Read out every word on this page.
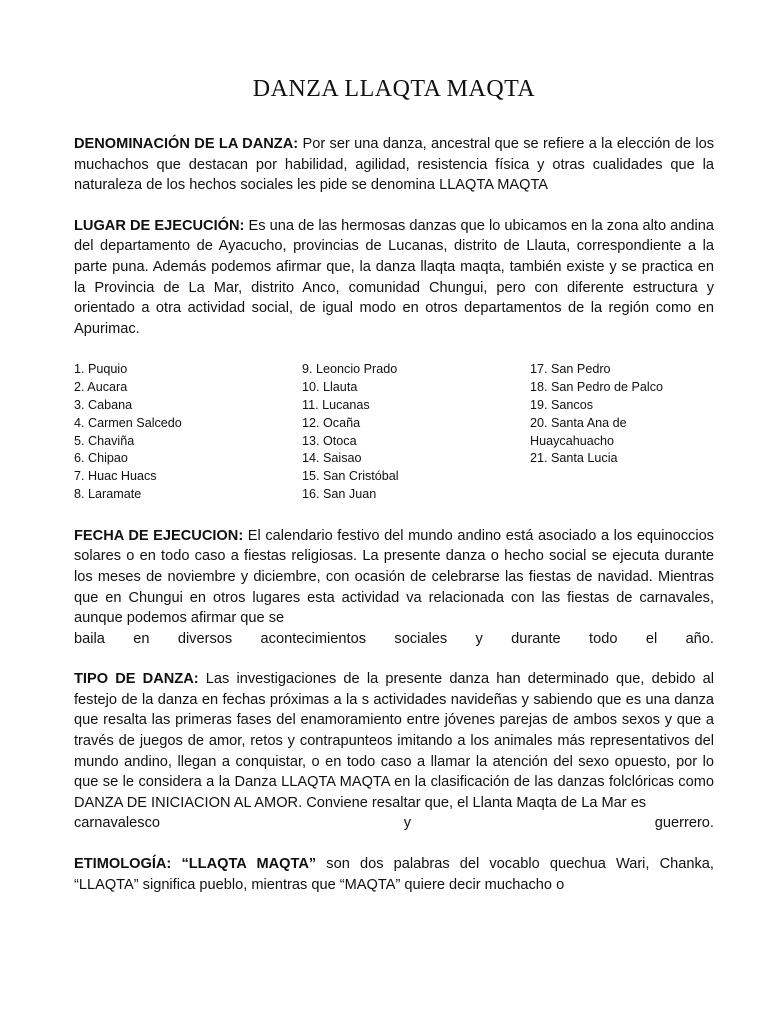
DANZA LLAQTA MAQTA

DENOMINACIÓN DE LA DANZA: Por ser una danza, ancestral que se refiere a la elección de los muchachos que destacan por habilidad, agilidad, resistencia física y otras cualidades que la naturaleza de los hechos sociales les pide se denomina LLAQTA MAQTA

LUGAR DE EJECUCIÓN: Es una de las hermosas danzas que lo ubicamos en la zona alto andina del departamento de Ayacucho, provincias de Lucanas, distrito de Llauta, correspondiente a la parte puna. Además podemos afirmar que, la danza llaqta maqta, también existe y se practica en la Provincia de La Mar, distrito Anco, comunidad Chungui, pero con diferente estructura y orientado a otra actividad social, de igual modo en otros departamentos de la región como en Apurimac.

1. Puquio
2. Aucara
3. Cabana
4. Carmen Salcedo
5. Chaviña
6. Chipao
7. Huac Huacs
8. Laramate
9. Leoncio Prado
10. Llauta
11. Lucanas
12. Ocaña
13. Otoca
14. Saisao
15. San Cristóbal
16. San Juan
17. San Pedro
18. San Pedro de Palco
19. Sancos
20. Santa Ana de
Huaycahuacho
21. Santa Lucia
FECHA DE EJECUCION: El calendario festivo del mundo andino está asociado a los equinoccios solares o en todo caso a fiestas religiosas. La presente danza o hecho social se ejecuta durante los meses de noviembre y diciembre, con ocasión de celebrarse las fiestas de navidad. Mientras que en Chungui en otros lugares esta actividad va relacionada con las fiestas de carnavales, aunque podemos afirmar que se
baila en diversos acontecimientos sociales y durante todo el año.
TIPO DE DANZA: Las investigaciones de la presente danza han determinado que, debido al festejo de la danza en fechas próximas a la s actividades navideñas y sabiendo que es una danza que resalta las primeras fases del enamoramiento entre jóvenes parejas de ambos sexos y que a través de juegos de amor, retos y contrapunteos imitando a los animales más representativos del mundo andino, llegan a conquistar, o en todo caso a llamar la atención del sexo opuesto, por lo que se le considera a la Danza LLAQTA MAQTA en la clasificación de las danzas folclóricas como DANZA DE INICIACION AL AMOR. Conviene resaltar que, el Llanta Maqta de La Mar es
carnavalesco	y	guerrero.

ETIMOLOGÍA: “LLAQTA MAQTA” son dos palabras del vocablo quechua Wari, Chanka, “LLAQTA” significa pueblo, mientras que “MAQTA” quiere decir muchacho o
